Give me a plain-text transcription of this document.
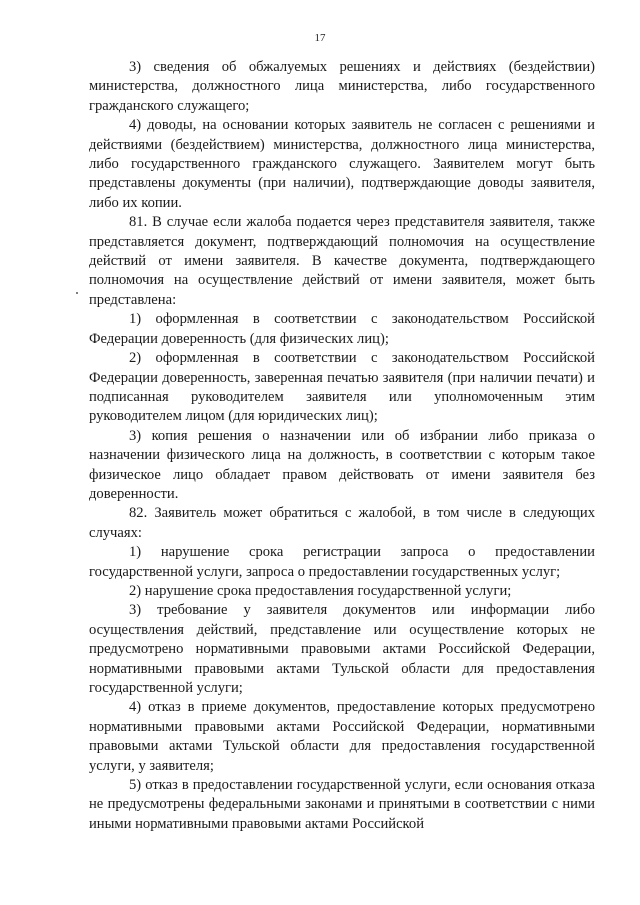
17

3) сведения об обжалуемых решениях и действиях (бездействии) министерства, должностного лица министерства, либо государственного гражданского служащего;

4) доводы, на основании которых заявитель не согласен с решениями и действиями (бездействием) министерства, должностного лица министерства, либо государственного гражданского служащего. Заявителем могут быть представлены документы (при наличии), подтверждающие доводы заявителя, либо их копии.

81. В случае если жалоба подается через представителя заявителя, также представляется документ, подтверждающий полномочия на осуществление действий от имени заявителя. В качестве документа, подтверждающего полномочия на осуществление действий от имени заявителя, может быть представлена:

1) оформленная в соответствии с законодательством Российской Федерации доверенность (для физических лиц);

2) оформленная в соответствии с законодательством Российской Федерации доверенность, заверенная печатью заявителя (при наличии печати) и подписанная руководителем заявителя или уполномоченным этим руководителем лицом (для юридических лиц);

3) копия решения о назначении или об избрании либо приказа о назначении физического лица на должность, в соответствии с которым такое физическое лицо обладает правом действовать от имени заявителя без доверенности.

82. Заявитель может обратиться с жалобой, в том числе в следующих случаях:

1) нарушение срока регистрации запроса о предоставлении государственной услуги, запроса о предоставлении государственных услуг;

2) нарушение срока предоставления государственной услуги;

3) требование у заявителя документов или информации либо осуществления действий, представление или осуществление которых не предусмотрено нормативными правовыми актами Российской Федерации, нормативными правовыми актами Тульской области для предоставления государственной услуги;

4) отказ в приеме документов, предоставление которых предусмотрено нормативными правовыми актами Российской Федерации, нормативными правовыми актами Тульской области для предоставления государственной услуги, у заявителя;

5) отказ в предоставлении государственной услуги, если основания отказа не предусмотрены федеральными законами и принятыми в соответствии с ними иными нормативными правовыми актами Российской
